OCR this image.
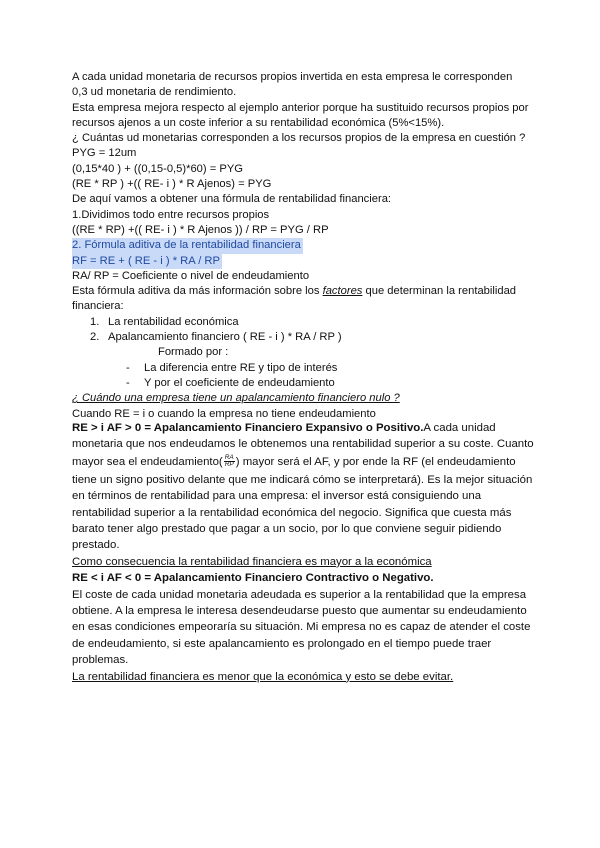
A cada unidad monetaria de recursos propios invertida en esta empresa le corresponden
0,3 ud monetaria de rendimiento.
Esta empresa mejora respecto al ejemplo anterior porque ha sustituido recursos propios por
recursos ajenos a un coste inferior a su rentabilidad económica (5%<15%).
¿ Cuántas ud monetarias corresponden a los recursos propios de la empresa en cuestión ?
PYG = 12um
(0,15*40 ) + ((0,15-0,5)*60) = PYG
(RE * RP ) +(( RE- i ) * R Ajenos) = PYG
De aquí vamos a obtener una fórmula de rentabilidad financiera:
1.Dividimos todo entre recursos propios
((RE * RP) +(( RE- i ) * R Ajenos )) / RP = PYG / RP
2. Fórmula aditiva de la rentabilidad financiera
RF = RE + ( RE - i ) * RA / RP
RA/ RP = Coeficiente o nivel de endeudamiento
Esta fórmula aditiva da más información sobre los factores que determinan la rentabilidad
financiera:
1. La rentabilidad económica
2. Apalancamiento financiero ( RE - i ) * RA / RP )
Formado por :
- La diferencia entre RE y tipo de interés
- Y por el coeficiente de endeudamiento
¿ Cuándo una empresa tiene un apalancamiento financiero nulo ?
Cuando RE = i o cuando la empresa no tiene endeudamiento
RE > i AF > 0 = Apalancamiento Financiero Expansivo o Positivo.A cada unidad
monetaria que nos endeudamos le obtenemos una rentabilidad superior a su coste. Cuanto
mayor sea el endeudamiento( $\frac{RA}{RP}$ ) mayor será el AF, y por ende la RF (el endeudamiento
tiene un signo positivo delante que me indicará cómo se interpretará). Es la mejor situación
en términos de rentabilidad para una empresa: el inversor está consiguiendo una
rentabilidad superior a la rentabilidad económica del negocio. Significa que cuesta más
barato tener algo prestado que pagar a un socio, por lo que conviene seguir pidiendo
prestado.
Como consecuencia la rentabilidad financiera es mayor a la económica
RE < i AF < 0 = Apalancamiento Financiero Contractivo o Negativo.
El coste de cada unidad monetaria adeudada es superior a la rentabilidad que la empresa
obtiene. A la empresa le interesa desendeudarse puesto que aumentar su endeudamiento
en esas condiciones empeoraría su situación. Mi empresa no es capaz de atender el coste
de endeudamiento, si este apalancamiento es prolongado en el tiempo puede traer
problemas.
La rentabilidad financiera es menor que la económica y esto se debe evitar.
